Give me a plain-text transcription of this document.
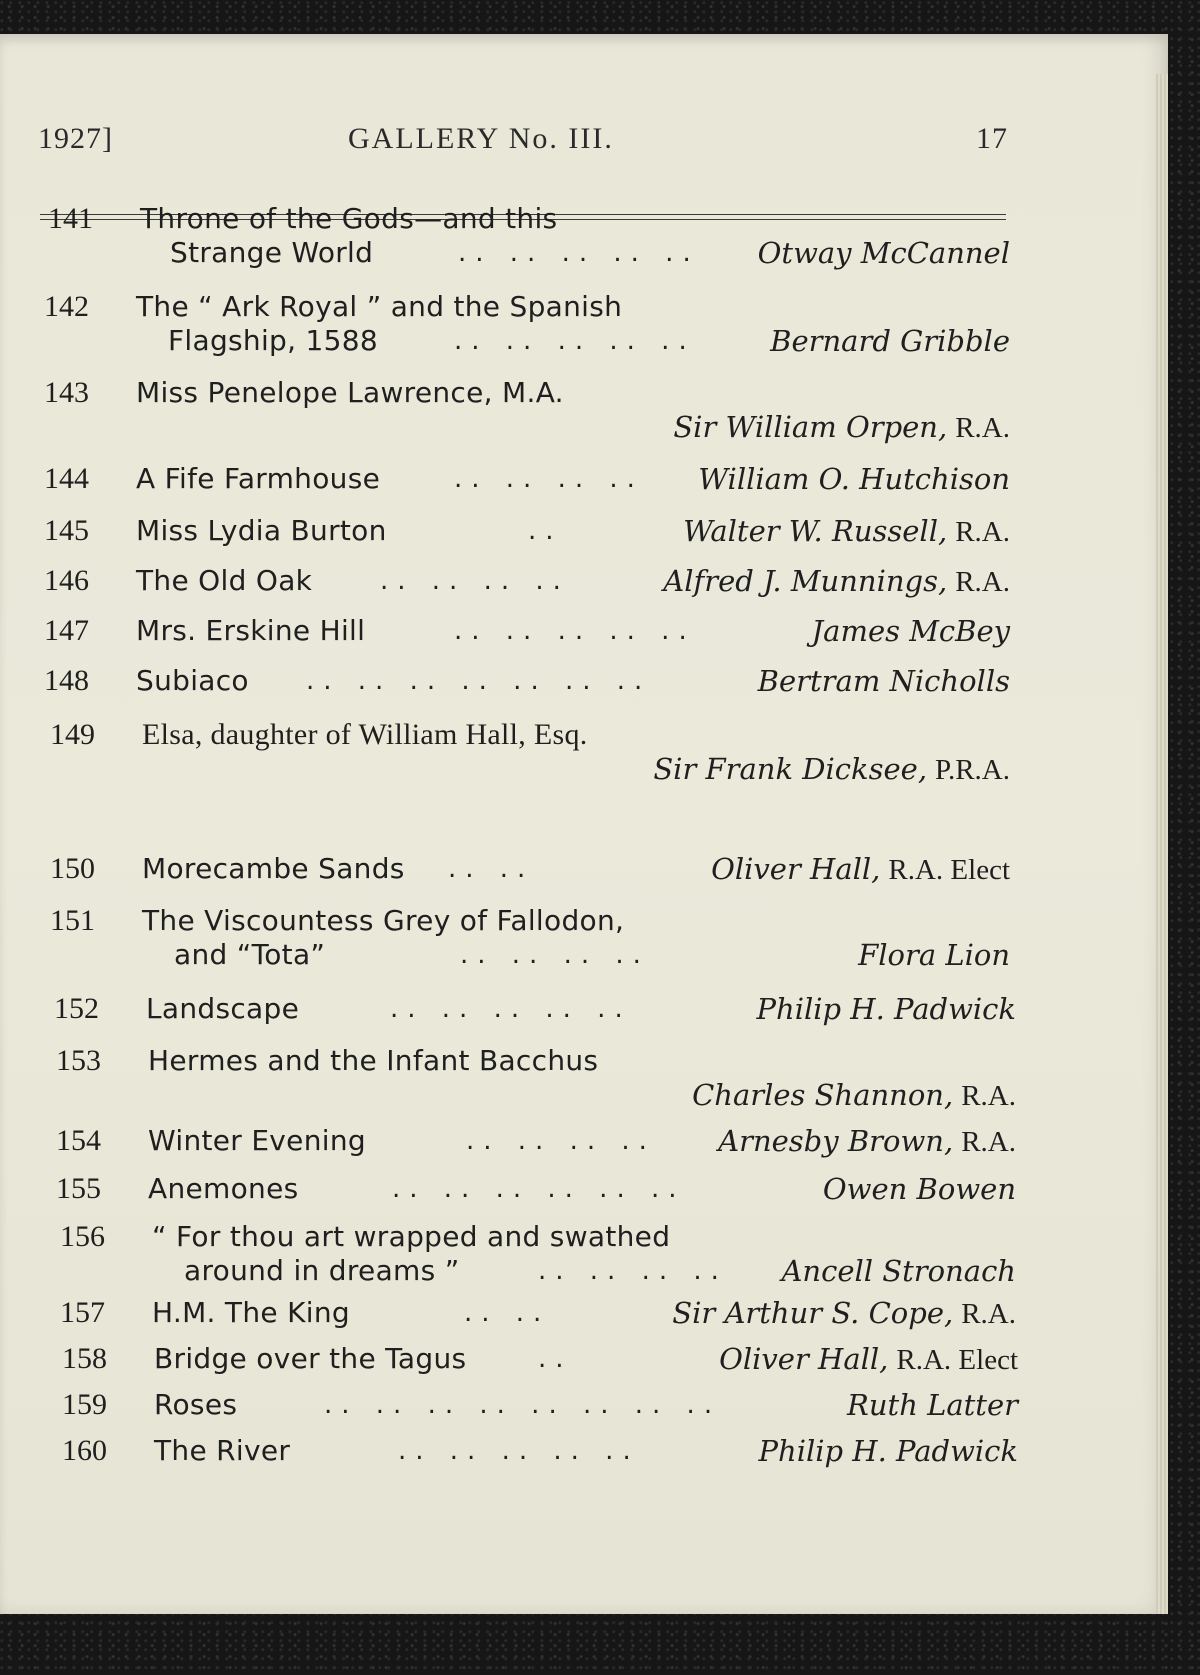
1927]	GALLERY No. III.	17
141	Throne of the Gods—and this
Strange World	.. .. .. .. .. Otway McCannel
142	The “ Ark Royal ” and the Spanish
Flagship, 1588	.. .. .. .. ..	Bernard Gribble
143	Miss Penelope Lawrence, M.A.
Sir William Orpen, R.A.
144	A Fife Farmhouse	.. .. .. .. William O. Hutchison
145	Miss Lydia Burton	..	Walter W. Russell, R.A.
146	The Old Oak	.. .. .. ..	Alfred J. Munnings, R.A.
147	Mrs. Erskine Hill	.. .. .. .. ..	James McBey
148	Subiaco .. .. .. .. .. .. ..	Bertram Nicholls
149	Elsa, daughter of William Hall, Esq.
Sir Frank Dicksee, P.R.A.
150	Morecambe Sands .. ..	Oliver Hall, R.A. Elect
151	The Viscountess Grey of Fallodon,
and “Tota”	.. .. .. ..	Flora Lion
152	Landscape	.. .. .. .. ..	Philip H. Padwick
153	Hermes and the Infant Bacchus
Charles Shannon, R.A.
154	Winter Evening	.. .. .. .. Arnesby Brown, R.A.
155	Anemones	.. .. .. .. .. ..	Owen Bowen
156	“ For thou art wrapped and swathed
around in dreams ”	.. .. .. .. Ancell Stronach
157	H.M. The King	.. ..	Sir Arthur S. Cope, R.A.
158	Bridge over the Tagus	..	Oliver Hall, R.A. Elect
159	Roses	.. .. .. .. .. .. .. ..	Ruth Latter
160	The River	.. .. .. .. ..	Philip H. Padwick
